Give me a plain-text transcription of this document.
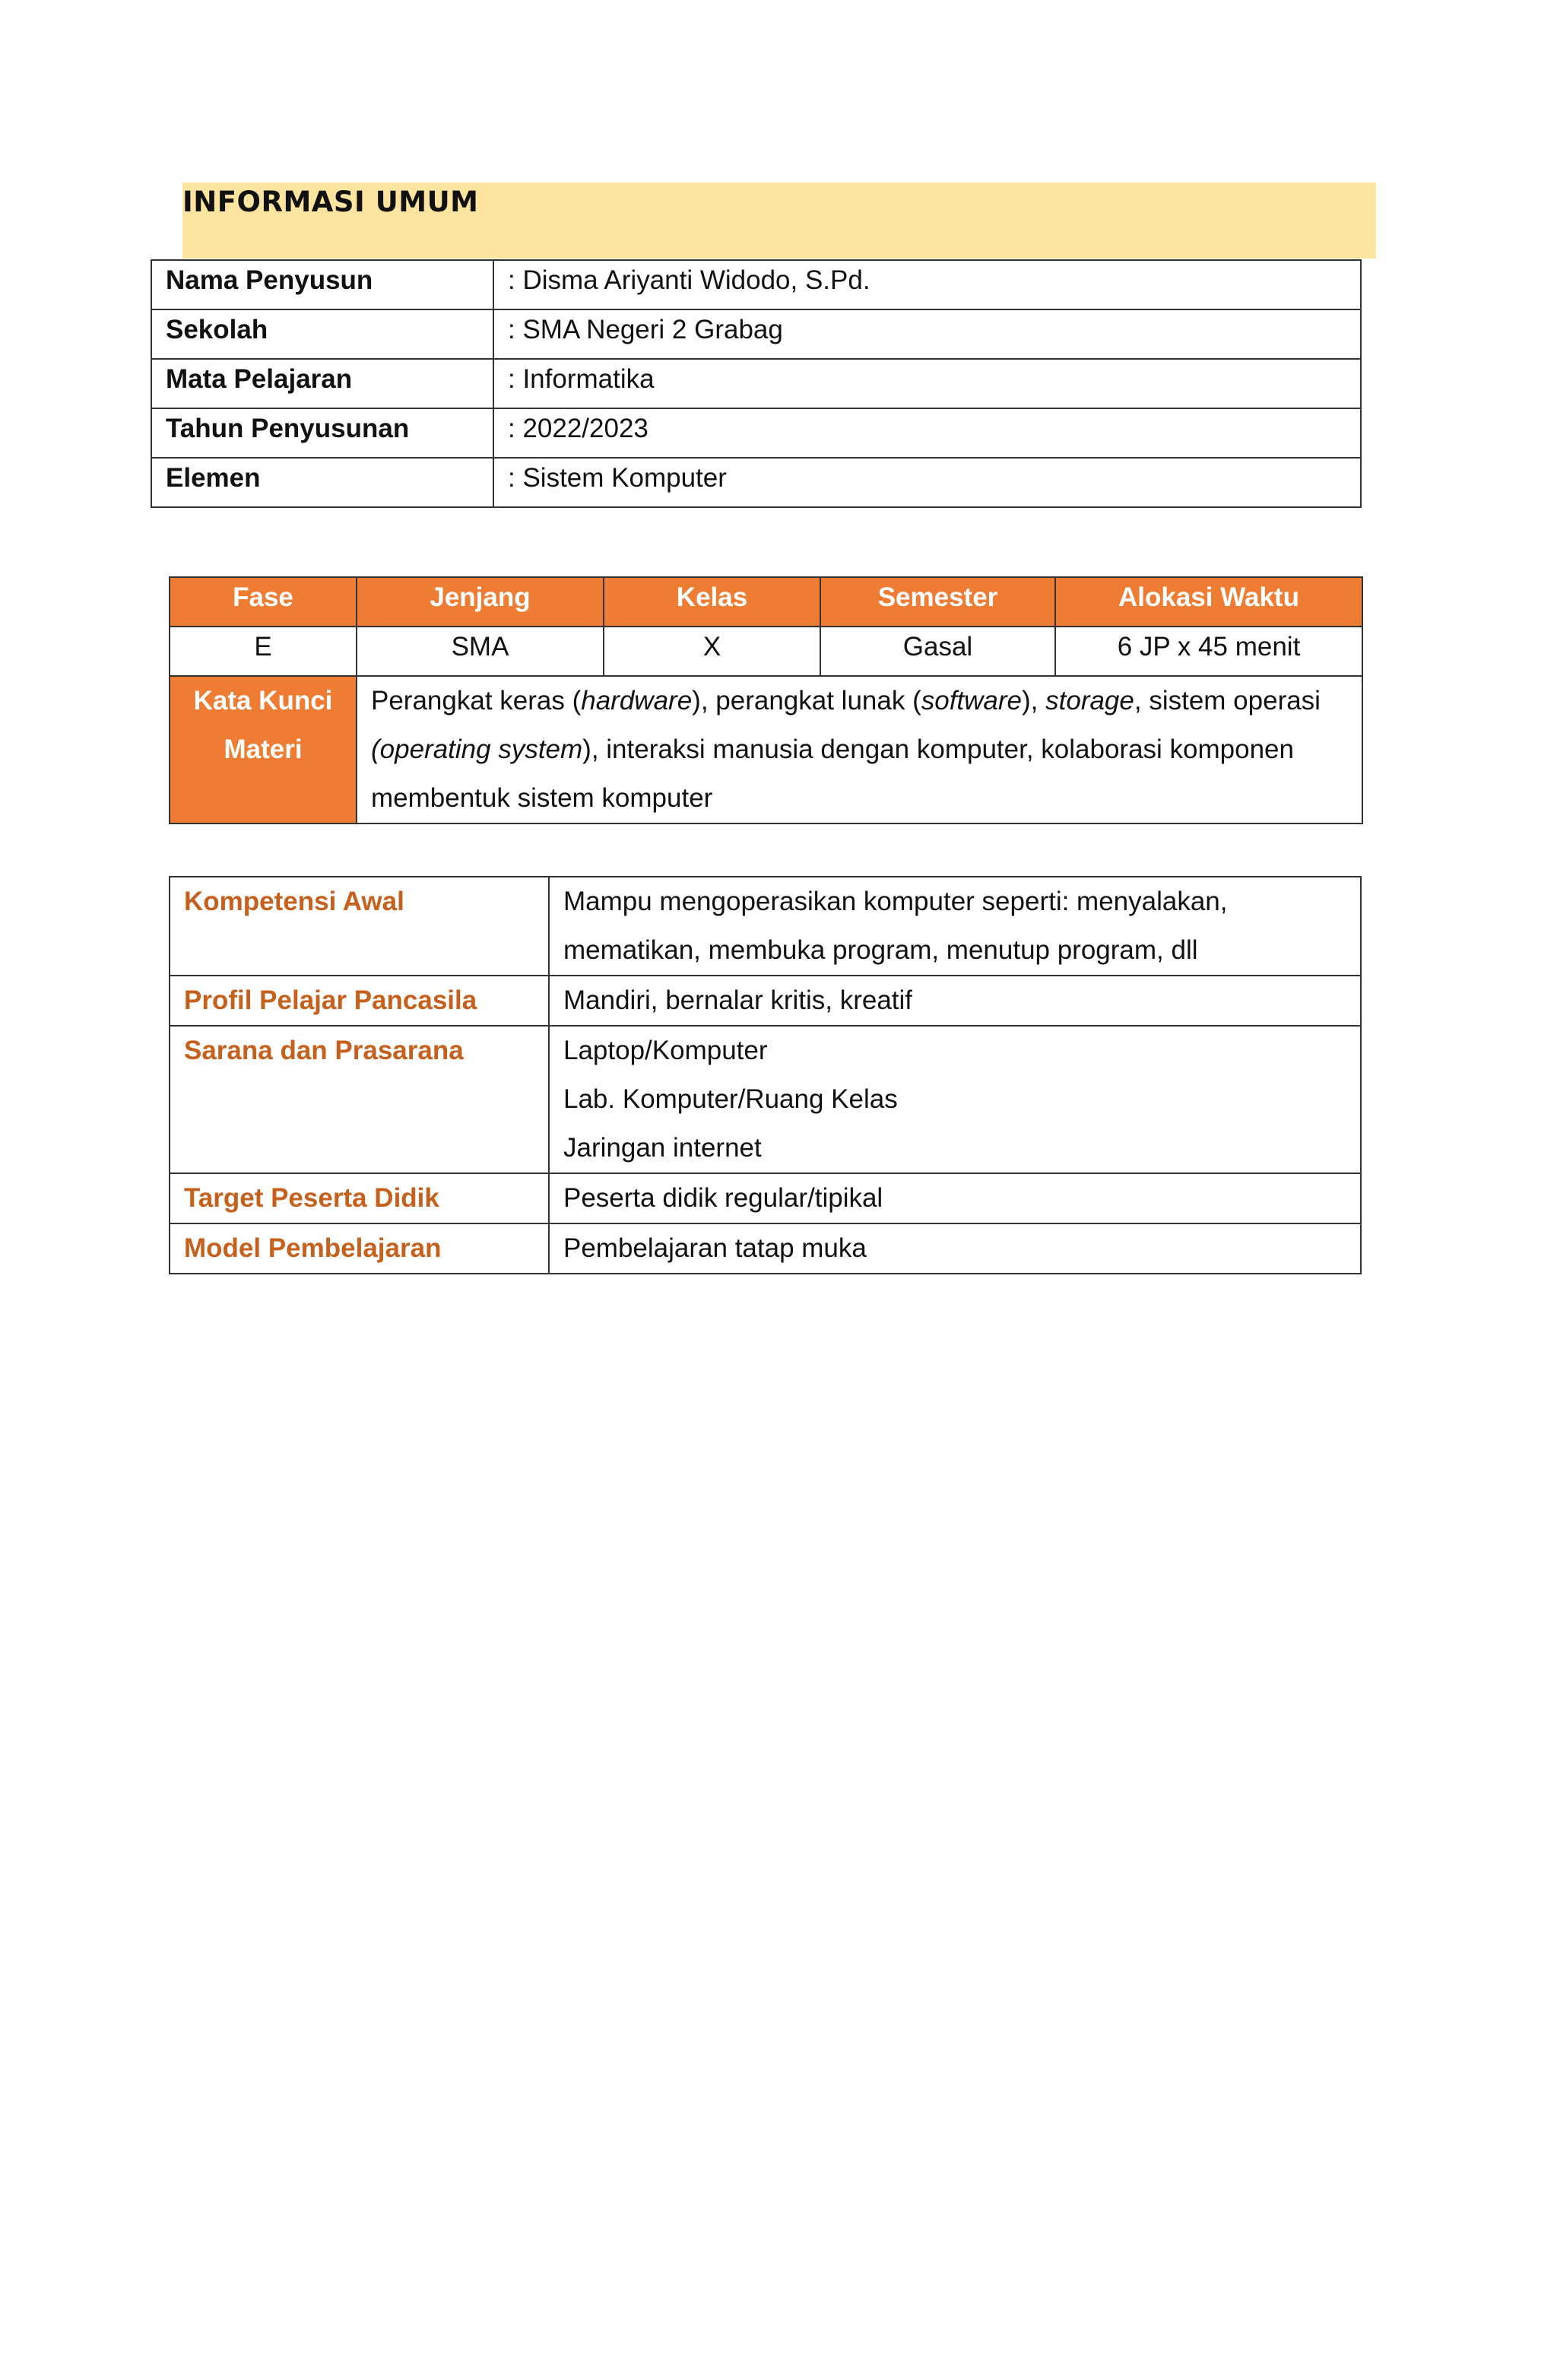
INFORMASI UMUM
Nama Penyusun	: Disma Ariyanti Widodo, S.Pd.
Sekolah	: SMA Negeri 2 Grabag
Mata Pelajaran	: Informatika
Tahun Penyusunan	: 2022/2023
Elemen	: Sistem Komputer
Fase	Jenjang	Kelas	Semester	Alokasi Waktu
E	SMA	X	Gasal	6 JP x 45 menit

Kata Kunci
Materi	Perangkat keras (hardware), perangkat lunak (software), storage, sistem operasi (operating system), interaksi manusia dengan komputer, kolaborasi komponen membentuk sistem komputer			
Kompetensi Awal	Mampu mengoperasikan komputer seperti: menyalakan,
mematikan, membuka program, menutup program, dll

Profil Pelajar Pancasila	Mandiri, bernalar kritis, kreatif

Sarana dan Prasarana	Laptop/Komputer
Lab. Komputer/Ruang Kelas
Jaringan internet

Target Peserta Didik	Peserta didik regular/tipikal

Model Pembelajaran	Pembelajaran tatap muka
